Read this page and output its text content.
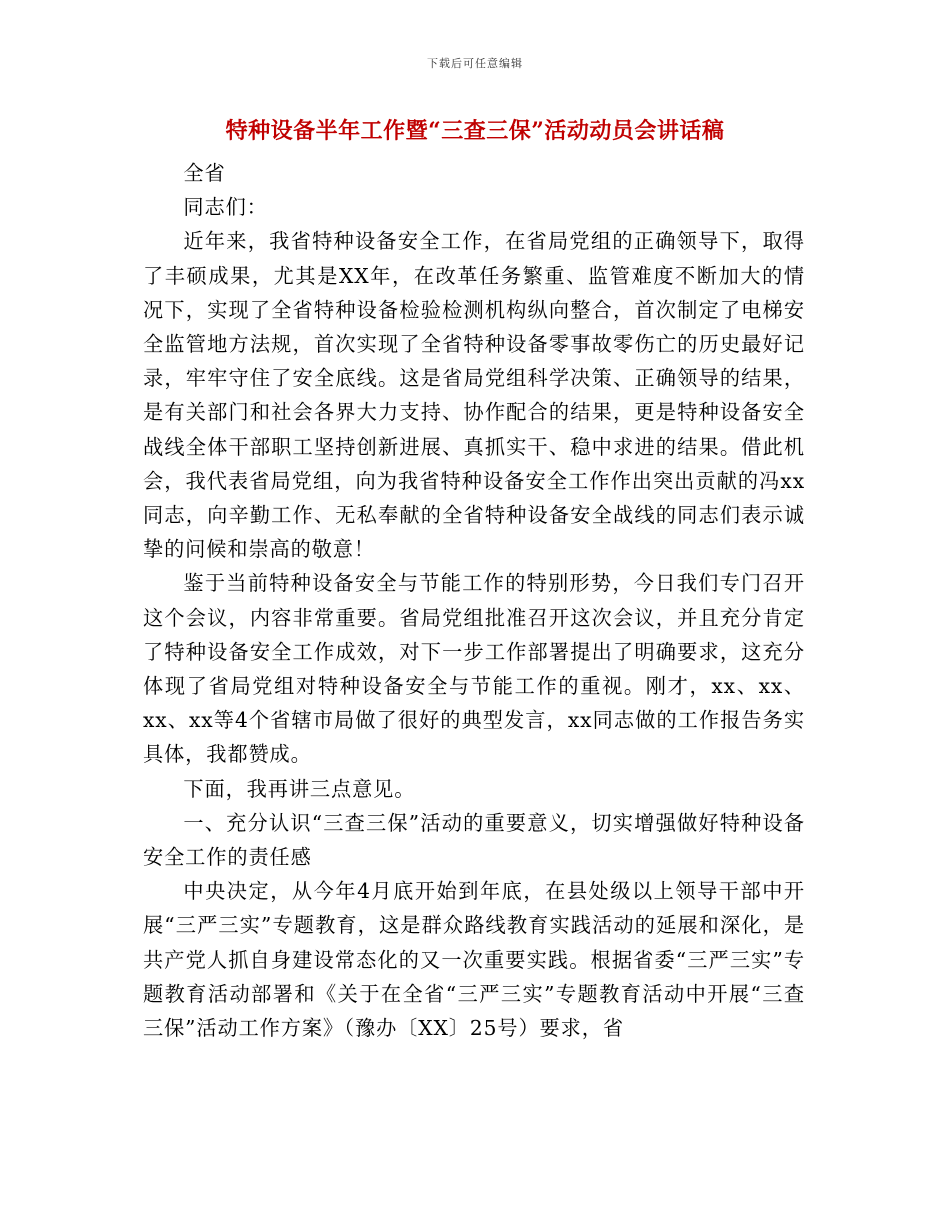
下载后可任意编辑
特种设备半年工作暨“三查三保”活动动员会讲话稿

全省

同志们：

近年来，我省特种设备安全工作，在省局党组的正确领导下，取得了丰硕成果，尤其是XX年，在改革任务繁重、监管难度不断加大的情况下，实现了全省特种设备检验检测机构纵向整合，首次制定了电梯安全监管地方法规，首次实现了全省特种设备零事故零伤亡的历史最好记录，牢牢守住了安全底线。这是省局党组科学决策、正确领导的结果，是有关部门和社会各界大力支持、协作配合的结果，更是特种设备安全战线全体干部职工坚持创新进展、真抓实干、稳中求进的结果。借此机会，我代表省局党组，向为我省特种设备安全工作作出突出贡献的冯xx同志，向辛勤工作、无私奉献的全省特种设备安全战线的同志们表示诚挚的问候和崇高的敬意！

鉴于当前特种设备安全与节能工作的特别形势，今日我们专门召开这个会议，内容非常重要。省局党组批准召开这次会议，并且充分肯定了特种设备安全工作成效，对下一步工作部署提出了明确要求，这充分体现了省局党组对特种设备安全与节能工作的重视。刚才，xx、xx、xx、xx等4个省辖市局做了很好的典型发言，xx同志做的工作报告务实具体，我都赞成。

下面，我再讲三点意见。

一、充分认识“三查三保”活动的重要意义，切实增强做好特种设备安全工作的责任感

中央决定，从今年4月底开始到年底，在县处级以上领导干部中开展“三严三实”专题教育，这是群众路线教育实践活动的延展和深化，是共产党人抓自身建设常态化的又一次重要实践。根据省委“三严三实”专题教育活动部署和《关于在全省“三严三实”专题教育活动中开展“三查三保”活动工作方案》（豫办〔XX〕25号）要求，省
